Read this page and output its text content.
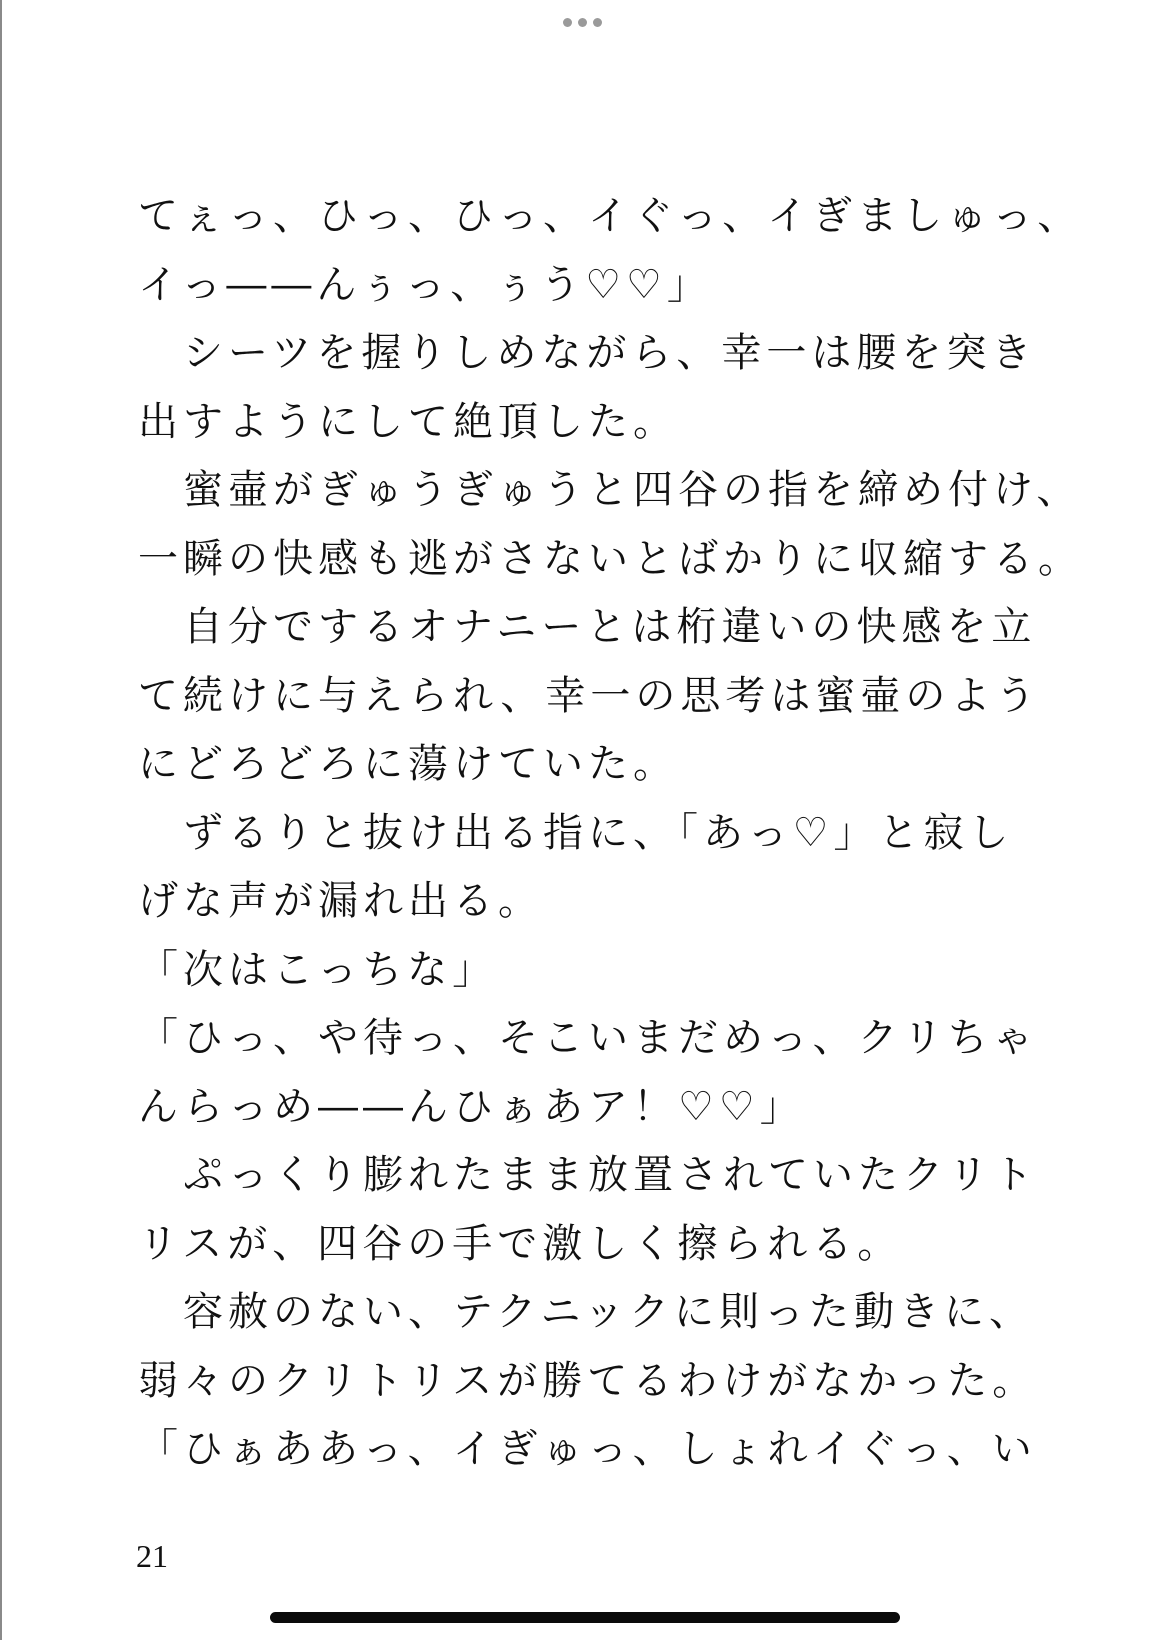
てぇっ、ひっ、ひっ、イぐっ、イぎましゅっ、
イっ――んぅっ、ぅう♡♡」
　シーツを握りしめながら、幸一は腰を突き
出すようにして絶頂した。
　蜜壷がぎゅうぎゅうと四谷の指を締め付け、
一瞬の快感も逃がさないとばかりに収縮する。
　自分でするオナニーとは桁違いの快感を立
て続けに与えられ、幸一の思考は蜜壷のよう
にどろどろに蕩けていた。
　ずるりと抜け出る指に、「あっ♡」と寂し
げな声が漏れ出る。
「次はこっちな」
「ひっ、や待っ、そこいまだめっ、クリちゃ
んらっめ――んひぁあア！♡♡」
　ぷっくり膨れたまま放置されていたクリト
リスが、四谷の手で激しく擦られる。
　容赦のない、テクニックに則った動きに、
弱々のクリトリスが勝てるわけがなかった。
「ひぁああっ、イぎゅっ、しょれイぐっ、い
21
